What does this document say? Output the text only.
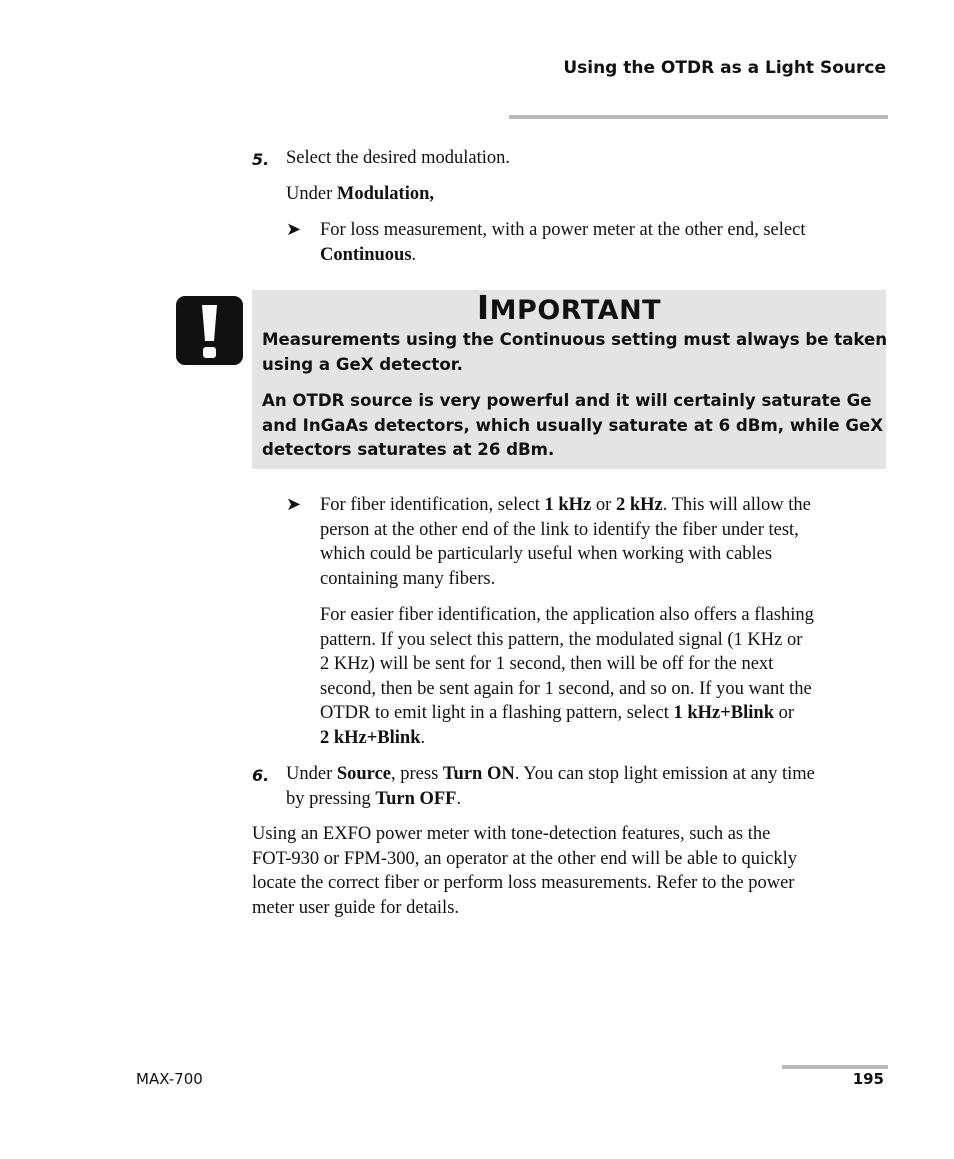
Using the OTDR as a Light Source
5. Select the desired modulation.
Under Modulation,
➤ For loss measurement, with a power meter at the other end, select
Continuous.
IMPORTANT
Measurements using the Continuous setting must always be taken
using a GeX detector.
An OTDR source is very powerful and it will certainly saturate Ge
and InGaAs detectors, which usually saturate at 6 dBm, while GeX
detectors saturates at 26 dBm.
➤ For fiber identification, select 1 kHz or 2 kHz. This will allow the
person at the other end of the link to identify the fiber under test,
which could be particularly useful when working with cables
containing many fibers.
For easier fiber identification, the application also offers a flashing
pattern. If you select this pattern, the modulated signal (1 KHz or
2 KHz) will be sent for 1 second, then will be off for the next
second, then be sent again for 1 second, and so on. If you want the
OTDR to emit light in a flashing pattern, select 1 kHz+Blink or
2 kHz+Blink.
6. Under Source, press Turn ON. You can stop light emission at any time
by pressing Turn OFF.
Using an EXFO power meter with tone-detection features, such as the
FOT-930 or FPM-300, an operator at the other end will be able to quickly
locate the correct fiber or perform loss measurements. Refer to the power
meter user guide for details.
MAX-700	195
